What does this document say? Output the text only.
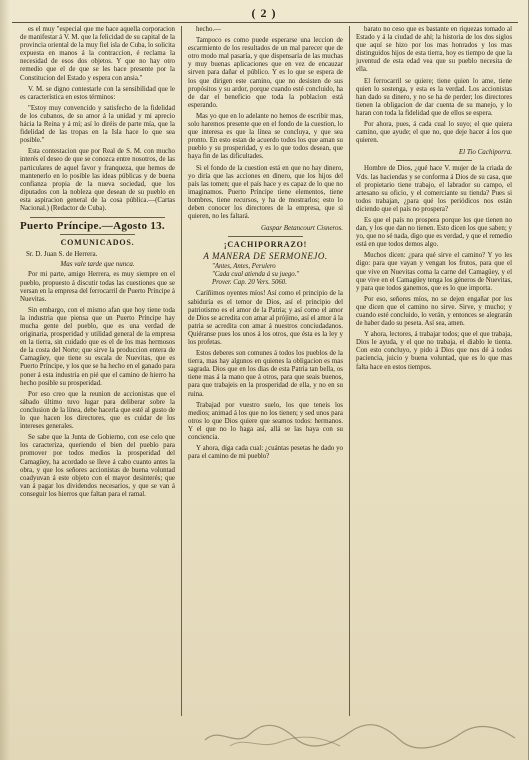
( 2 )

es el muy "especial que me hace aquella corporacion de manifestar á V. M. que la felicidad de su capital de la provincia oriental de la muy fiel isla de Cuba, lo solicita expuesta en manos á la contraccion, é reclama la necesidad de esos dos objetos. Y que no hay otro remedio que el de que se les hace presente por la Constitucion del Estado y espera con ansia."

V. M. se digno contestarle con la sensibilidad que le es característica en estos términos:

"Estoy muy convencido y satisfecho de la fidelidad de los cubanos, de su amor á la unidad y mi aprecio hácia la Reina y á mí; así lo diréis de parte mía, que la fidelidad de las tropas en la Isla hace lo que sea posible."

Esta contestacion que por Real de S. M. con mucho interés el deseo de que se conozca entre nosotros, de las particulares de aquel favor y franqueza, que hemos de mantenerlo en lo posible las ideas públicas y de buena confianza propia de la nueva sociedad, que los diputados con la nobleza que desean de su pueblo en esta aspiracion general de la cosa pública.—(Cartas Nacional.) (Redactor de Cuba).

Puerto Príncipe.—Agosto 13.

COMUNICADOS.

Sr. D. Juan S. de Herrera.

Mas vale tarde que nunca.

Por mi parte, amigo Herrera, es muy siempre en el pueblo, propuesto á discutir todas las cuestiones que se versan en la empresa del ferrocarril de Puerto Príncipe á Nuevitas.

Sin embargo, con el mismo afan que hoy tiene toda la industria que piensa que un Puerto Príncipe hay mucha gente del pueblo, que es una verdad de originaria, prosperidad y utilidad general de la empresa en la tierra, sin cuidado que es el de los mas hermosos de la costa del Norte; que sirve la produccion entera de Camagüey, que tiene su escala de Nuevitas, que es Puerto Príncipe, y los que se ha hecho en el ganado para poner á esta industria en pié que el camino de hierro ha hecho posible su prosperidad.

Por eso creo que la reunion de accionistas que el sábado último tuvo lugar para deliberar sobre la conclusion de la línea, debe hacerla que esté al gusto de lo que hacen los directores, que es cuidar de los intereses generales.

Se sabe que la Junta de Gobierno, con ese celo que los caracteriza, queriendo el bien del pueblo para promover por todos medios la prosperidad del Camagüey, ha acordado se lleve á cabo cuanto antes la obra, y que los señores accionistas de buena voluntad coadyuvan á este objeto con el mayor desinterés; que van á pagar los dividendos necesarios, y que se van á conseguir los hierros que faltan para el ramal.

hecho.—

Tampoco es como puede esperarse una leccion de escarmiento de los resultados de un mal parecer que de otro modo mal pasaría, y que dispensaría de las muchas y muy buenas aplicaciones que en vez de encauzar sirven para dañar el público. Y es lo que se espera de los que dirigen este camino, que no desisten de sus propósitos y su ardor, porque cuando esté concluido, ha de dar el beneficio que toda la poblacion está esperando.

Mas yo que en lo adelante no hemos de escribir mas, solo haremos presente que en el fondo de la cuestion, lo que interesa es que la línea se concluya, y que sea pronto. En esto estan de acuerdo todos los que aman su pueblo y su prosperidad, y es lo que todos desean, que haya fin de las dificultades.

Si el fondo de la cuestion está en que no hay dinero, yo diría que las acciones en dinero, que los hijos del país las tomen; que el país hace y es capaz de lo que no imaginamos. Puerto Príncipe tiene elementos, tiene hombres, tiene recursos, y ha de mostrarlos; esto lo deben conocer los directores de la empresa, que si quieren, no les faltará.

Gaspar Betancourt Cisneros.

¡CACHIPORRAZO!

A MANERA DE SERMONEJO.

"Antes, Antes, Perulero
"Cada cual atienda á su juego."
Prover. Cap. 20 Vers. 5060.

Caríñimos oyentes míos! Así como el principio de la sabiduría es el temor de Dios, así el principio del patriotismo es el amor de la Patria; y así como el amor de Dios se acredita con amar al prójimo, así el amor á la patria se acredita con amar á nuestros conciudadanos. Quiéranse pues los unos á los otros, que ésta es la ley y los profetas.

Estos deberes son comunes á todos los pueblos de la tierra, mas hay algunos en quienes la obligacion es mas sagrada. Dios que en los dias de esta Patria tan bella, os tiene mas á la mano que á otros, para que seais buenos, para que trabajeis en la prosperidad de ella, y no en su ruina.

Trabajad por vuestro suelo, los que teneis los medios; animad á los que no los tienen; y sed unos para otros lo que Dios quiere que seamos todos: hermanos. Y el que no lo haga así, allá se las haya con su conciencia.

Y ahora, diga cada cual: ¿cuántas pesetas he dado yo para el camino de mi pueblo?

barato no ceso que es bastante en riquezas tomado al Estado y á la ciudad de ahí; la historia de los dos siglos que aquí se hizo por los mas honrados y los mas distinguidos hijos de esta tierra, hoy es tiempo de que la juventud de esta edad vea que su pueblo necesita de ella.

El ferrocarril se quiere; tiene quien lo ame, tiene quien lo sostenga, y esta es la verdad. Los accionistas han dado su dinero, y no se ha de perder; los directores tienen la obligacion de dar cuenta de su manejo, y lo haran con toda la fidelidad que de ellos se espera.

Por ahora, pues, á cada cual lo suyo; el que quiera camino, que ayude; el que no, que deje hacer á los que quieren.

El Tio Cachiporra.

Hombre de Dios, ¿qué hace V. mujer de la criada de Vds. las haciendas y se conforma á Dios de su casa, que el propietario tiene trabajo, el labrador su campo, el artesano su oficio, y el comerciante su tienda? Pues si todos trabajan, ¿para qué los periódicos nos están diciendo que el país no prospera?

Es que el país no prospera porque los que tienen no dan, y los que dan no tienen. Esto dicen los que saben; y yo, que no sé nada, digo que es verdad, y que el remedio está en que todos demos algo.

Muchos dicen: ¿para qué sirve el camino? Y yo les digo: para que vayan y vengan los frutos, para que el que vive en Nuevitas coma la carne del Camagüey, y el que vive en el Camagüey tenga los géneros de Nuevitas, y para que todos ganemos, que es lo que importa.

Por eso, señores míos, no se dejen engañar por los que dicen que el camino no sirve. Sirve, y mucho; y cuando esté concluido, lo verán, y entonces se alegrarán de haber dado su peseta. Así sea, amen.

Y ahora, lectores, á trabajar todos; que el que trabaja, Dios le ayuda, y el que no trabaja, el diablo le tienta. Con esto concluyo, y pido á Dios que nos dé á todos paciencia, juicio y buena voluntad, que es lo que mas falta hace en estos tiempos.
